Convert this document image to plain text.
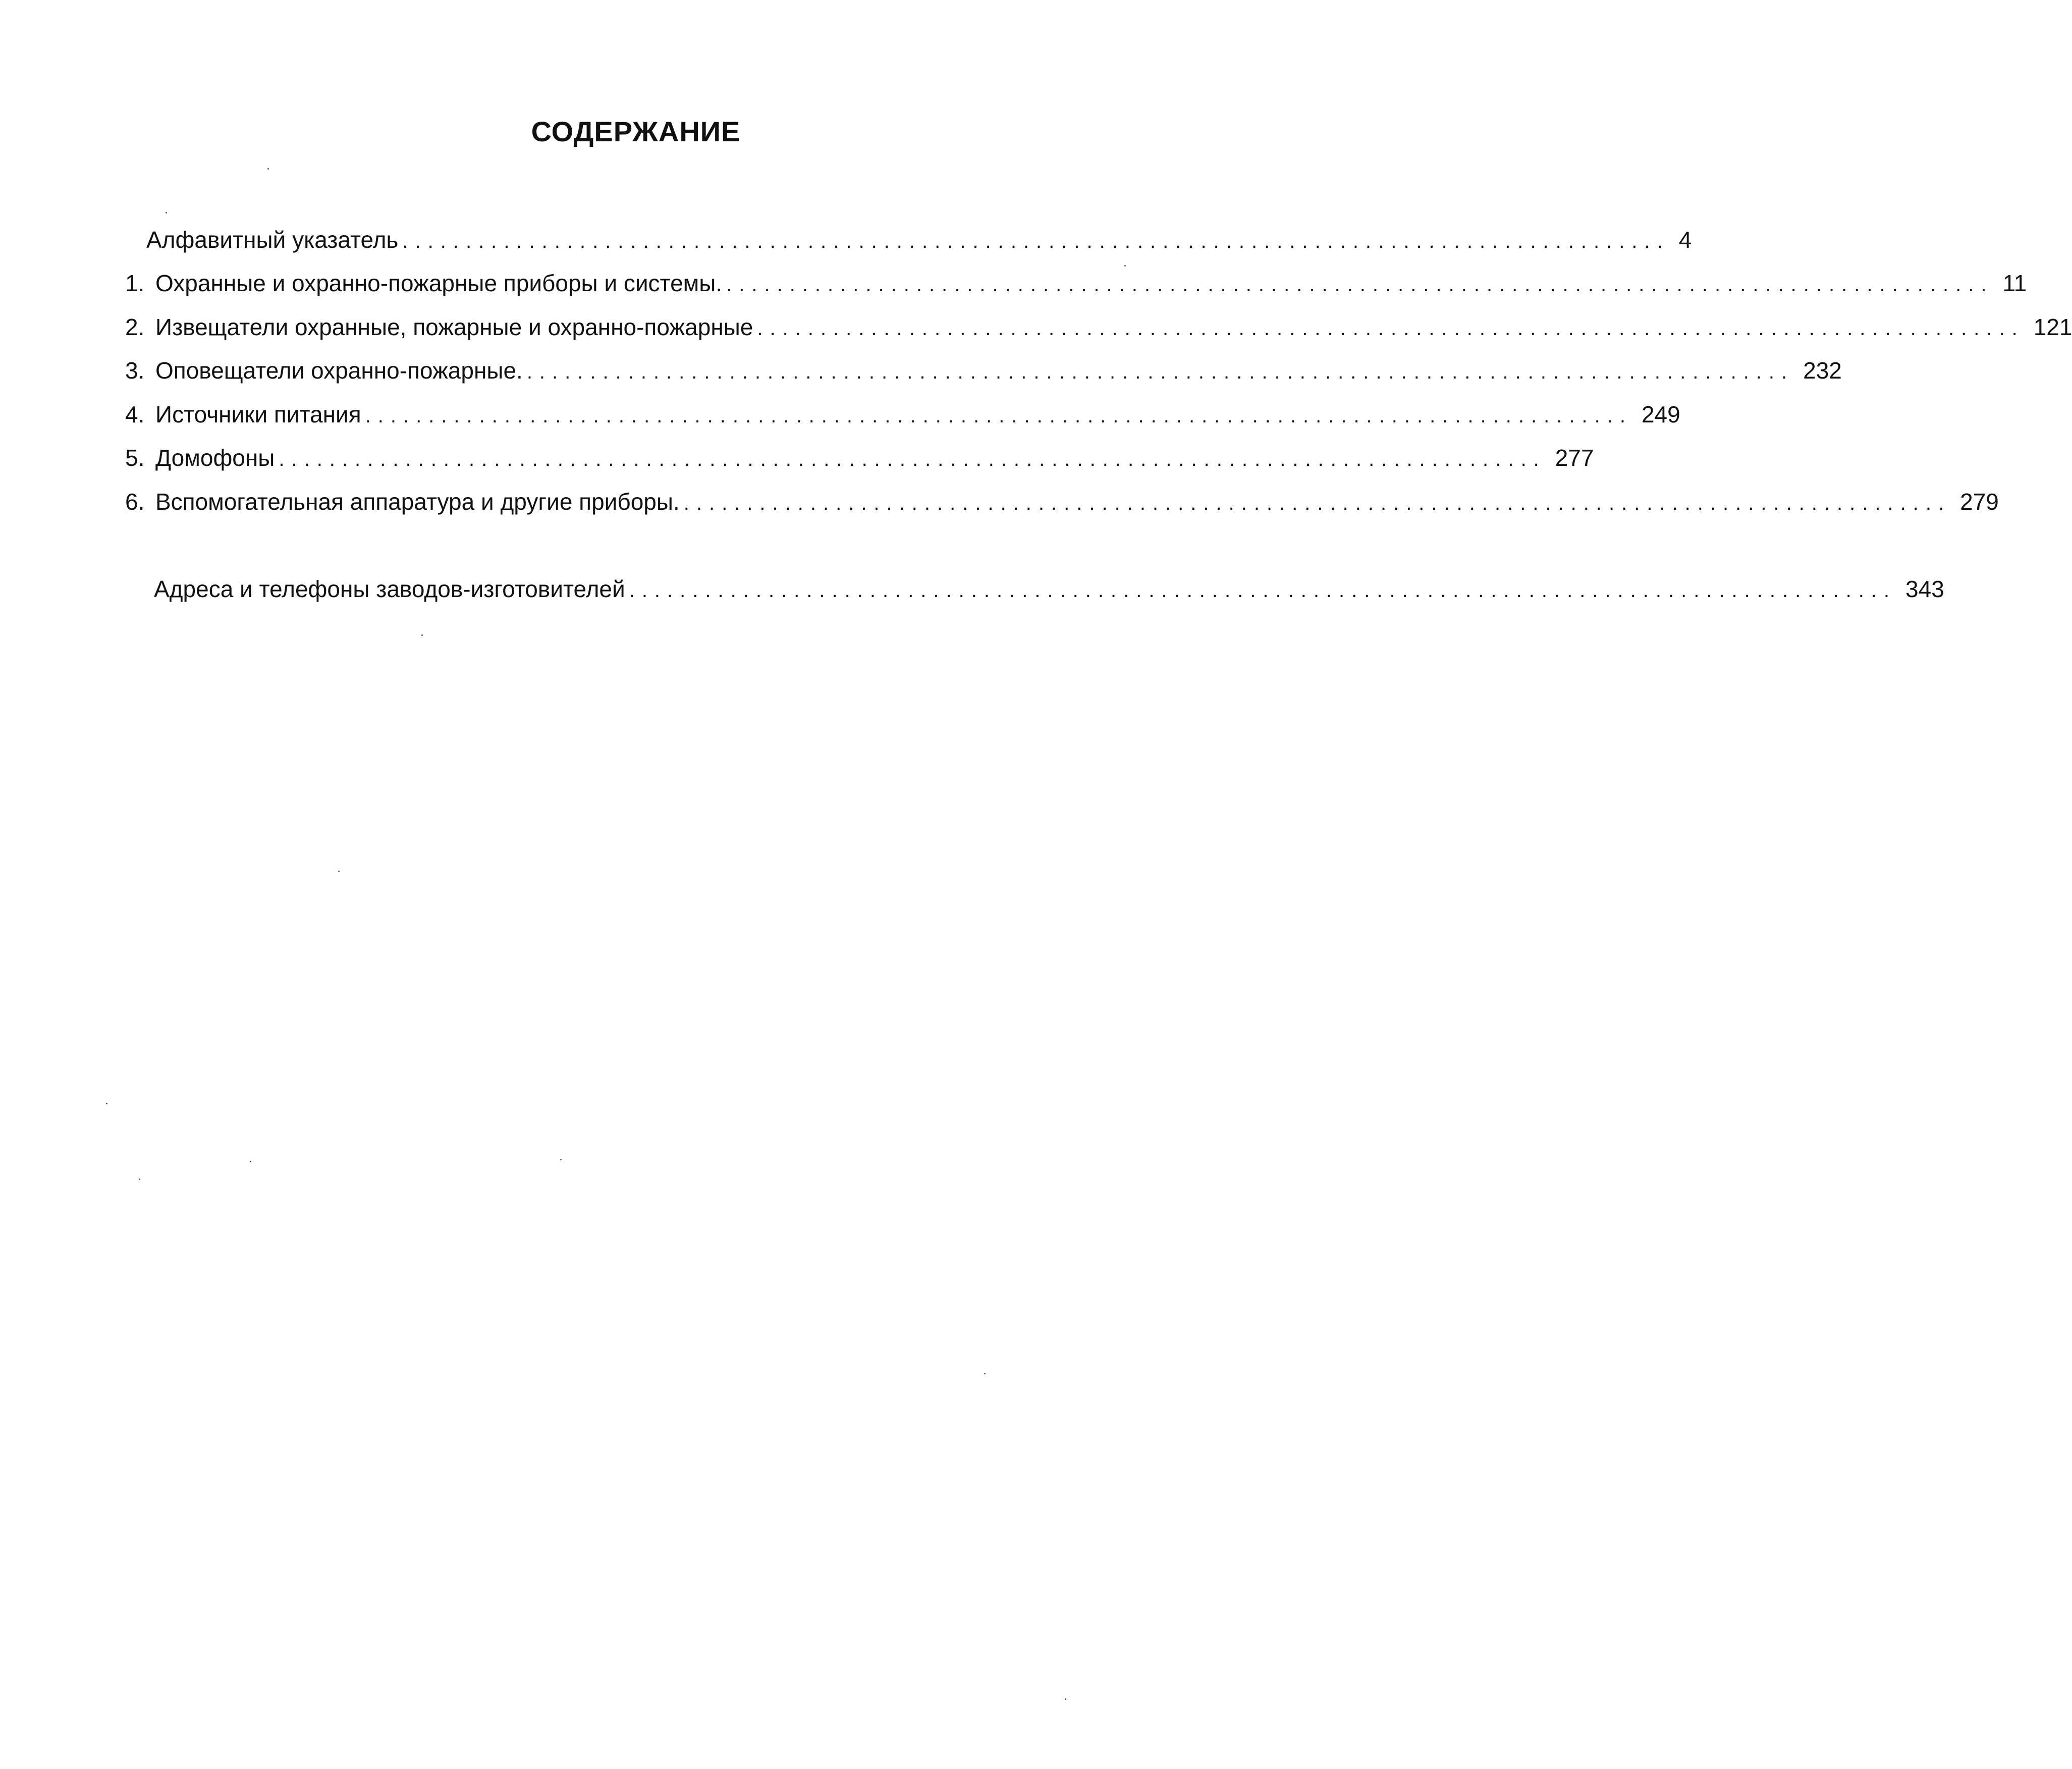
СОДЕРЖАНИЕ
Алфавитный указатель .................................................................................................... 4
1. Охранные и охранно-пожарные приборы и системы. .................................................................................................... 11
2. Извещатели охранные, пожарные и охранно-пожарные .................................................................................................... 121
3. Оповещатели охранно-пожарные. .................................................................................................... 232
4. Источники питания .................................................................................................... 249
5. Домофоны .................................................................................................... 277
6. Вспомогательная аппаратура и другие приборы. .................................................................................................... 279
Адреса и телефоны заводов-изготовителей .................................................................................................... 343
